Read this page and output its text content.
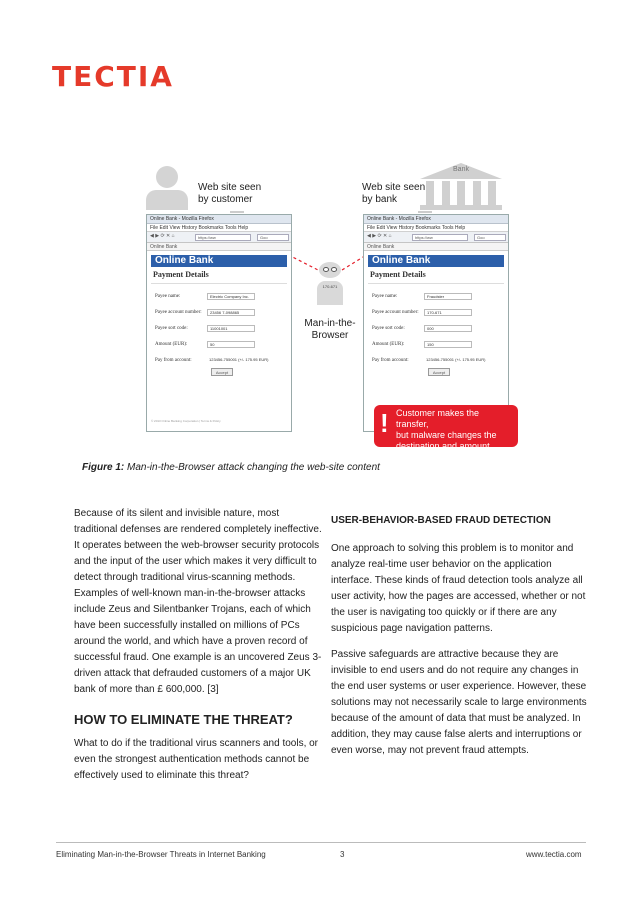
TECTIA
Web site seen
by customer
Web site seen
by bank
Bank
Online Bank - Mozilla Firefox
File Edit View History Bookmarks Tools Help
◀ ▶ ⟳ ✕ ⌂	https://ww	Goo
Online Bank
Online Bank
Payment Details
Payee name:	Electric Company Inc.
Payee account number:	23456 7-098865
Payee sort code:	11001001
Amount (EUR):	50
Pay from account:	123456-755001 (+/- 175.95 EUR)
Accept
© 2013 Online Banking Corporation | Terms & Policy
170-671
Man-in-the-
Browser
Online Bank - Mozilla Firefox
File Edit View History Bookmarks Tools Help
◀ ▶ ⟳ ✕ ⌂	https://ww	Goo
Online Bank
Online Bank
Payment Details
Payee name:	Fraudster
Payee account number:	170-671
Payee sort code:	000
Amount (EUR):	150
Pay from account:	123456-755001 (+/- 175.95 EUR)
Accept
! Customer makes the transfer,
but malware changes the
destination and amount.
Figure 1: Man-in-the-Browser attack changing the web-site content

Because of its silent and invisible nature, most traditional defenses are rendered completely ineffective. It operates between the web-browser security protocols and the input of the user which makes it very difficult to detect through traditional virus-scanning methods. Examples of well-known man-in-the-browser attacks include Zeus and Silentbanker Trojans, each of which have been successfully installed on millions of PCs around the world, and which have a proven record of successful fraud. One example is an uncovered Zeus 3-driven attack that defrauded customers of a major UK bank of more than £ 600,000. [3]

HOW TO ELIMINATE THE THREAT?

What to do if the traditional virus scanners and tools, or even the strongest authentication methods cannot be effectively used to eliminate this threat?

USER-BEHAVIOR-BASED FRAUD DETECTION

One approach to solving this problem is to monitor and analyze real-time user behavior on the application interface. These kinds of fraud detection tools analyze all user activity, how the pages are accessed, whether or not the user is navigating too quickly or if there are any suspicious page navigation patterns.

Passive safeguards are attractive because they are invisible to end users and do not require any changes in the end user systems or user experience. However, these solutions may not necessarily scale to large environments because of the amount of data that must be analyzed. In addition, they may cause false alerts and interruptions or even worse, may not prevent fraud attempts.

Eliminating Man-in-the-Browser Threats in Internet Banking	3	www.tectia.com
